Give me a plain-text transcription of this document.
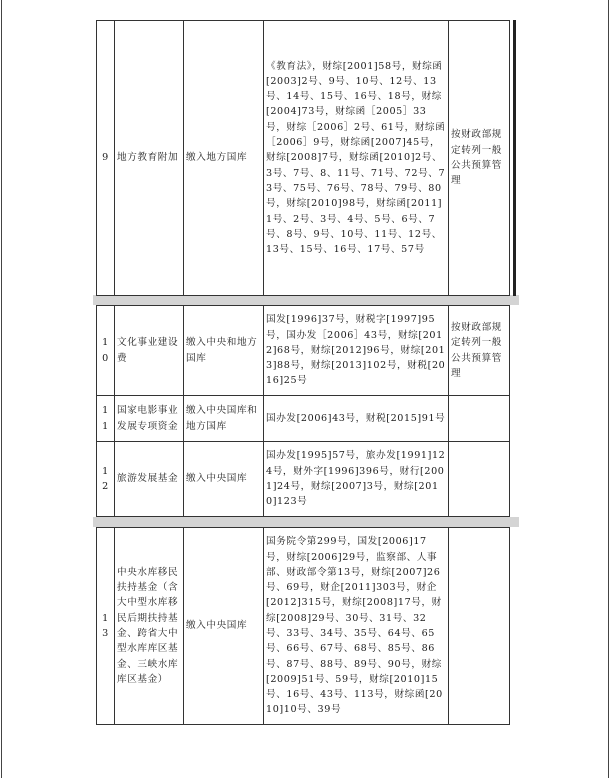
9	地方教育附加	缴入地方国库	《教育法》，财综[2001]58号，财综函[2003]2号、9号、10号、12号、13号、14号、15号、16号、18号，财综[2004]73号，财综函［2005］33号，财综［2006］2号、61号，财综函［2006］9号，财综函[2007]45号，财综[2008]7号，财综函[2010]2号、3号、7号、8、11号、71号、72号、73号、75号、76号、78号、79号、80号，财综[2010]98号，财综函[2011]1号、2号、3号、4号、5号、6号、7号、8号、9号、10号、11号、12号、13号、15号、16号、17号、57号	按财政部规定转列一般公共预算管理
10	文化事业建设费	缴入中央和地方国库	国发[1996]37号，财税字[1997]95号，国办发［2006］43号，财综[2012]68号，财综[2012]96号，财综[2013]88号，财综[2013]102号，财税[2016]25号	按财政部规定转列一般公共预算管理
11	国家电影事业发展专项资金	缴入中央国库和地方国库	国办发[2006]43号，财税[2015]91号	
12	旅游发展基金	缴入中央国库	国办发[1995]57号，旅办发[1991]124号，财外字[1996]396号，财行[2001]24号，财综[2007]3号，财综[2010]123号	
13	中央水库移民扶持基金（含大中型水库移民后期扶持基金、跨省大中型水库库区基金、三峡水库库区基金）	缴入中央国库	国务院令第299号，国发[2006]17号，财综[2006]29号，监察部、人事部、财政部令第13号，财综[2007]26号、69号，财企[2011]303号，财企[2012]315号，财综[2008]17号，财综[2008]29号、30号、31号、32号、33号、34号、35号、64号、65号、66号、67号、68号、85号、86号、87号、88号、89号、90号，财综[2009]51号、59号，财综[2010]15号、16号、43号、113号，财综函[2010]10号、39号	
